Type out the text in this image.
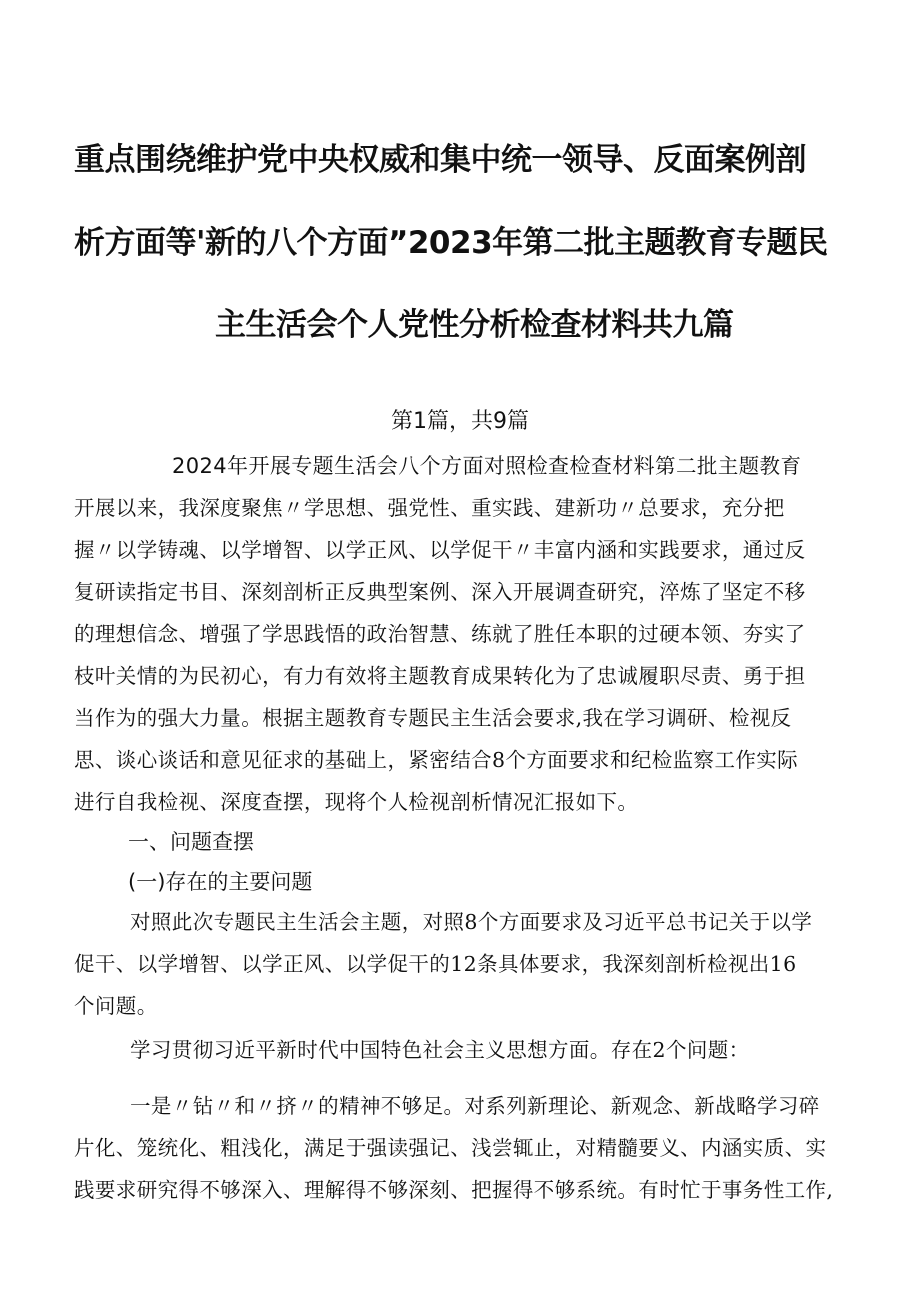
重点围绕维护党中央权威和集中统一领导、反面案例剖
析方面等'新的八个方面”2023年第二批主题教育专题民
主生活会个人党性分析检查材料共九篇
第1篇，共9篇
2024年开展专题生活会八个方面对照检查检查材料第二批主题教育
开展以来，我深度聚焦〃学思想、强党性、重实践、建新功〃总要求，充分把
握〃以学铸魂、以学增智、以学正风、以学促干〃丰富内涵和实践要求，通过反
复研读指定书目、深刻剖析正反典型案例、深入开展调查研究，淬炼了坚定不移
的理想信念、增强了学思践悟的政治智慧、练就了胜任本职的过硬本领、夯实了
枝叶关情的为民初心，有力有效将主题教育成果转化为了忠诚履职尽责、勇于担
当作为的强大力量。根据主题教育专题民主生活会要求,我在学习调研、检视反
思、谈心谈话和意见征求的基础上，紧密结合8个方面要求和纪检监察工作实际
进行自我检视、深度查摆，现将个人检视剖析情况汇报如下。
一、问题查摆
(一)存在的主要问题
对照此次专题民主生活会主题，对照8个方面要求及习近平总书记关于以学
促干、以学增智、以学正风、以学促干的12条具体要求，我深刻剖析检视出16
个问题。
学习贯彻习近平新时代中国特色社会主义思想方面。存在2个问题：
一是〃钻〃和〃挤〃的精神不够足。对系列新理论、新观念、新战略学习碎
片化、笼统化、粗浅化，满足于强读强记、浅尝辄止，对精髓要义、内涵实质、实
践要求研究得不够深入、理解得不够深刻、把握得不够系统。有时忙于事务性工作,
